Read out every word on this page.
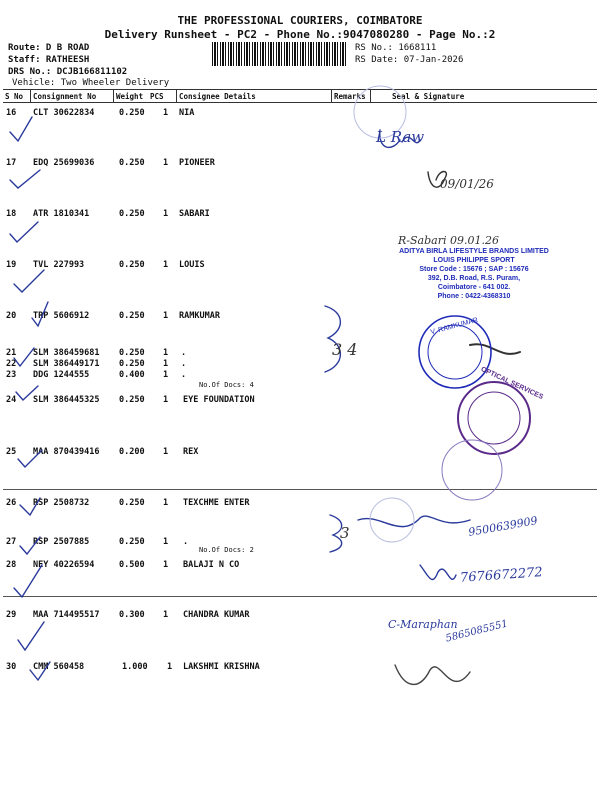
THE PROFESSIONAL COURIERS, COIMBATORE
Delivery Runsheet - PC2 - Phone No.:9047080280 - Page No.:2
Route: D B ROAD
Staff: RATHEESH
DRS No.: DCJB166811102
Vehicle: Two Wheeler Delivery
RS No.: 1668111
RS Date: 07-Jan-2026
S No Consignment No	Weight PCS Consignee Details	Remarks	Seal & Signature
16 CLT 30622834	0.250 1 NIA
17 EDQ 25699036	0.250 1 PIONEER
18 ATR 1810341	0.250 1 SABARI
19 TVL 227993	0.250 1 LOUIS
20 TRP 5606912	0.250 1 RAMKUMAR
21 SLM 386459681 0.250 1 .
22 SLM 386449171 0.250 1 .
23 DDG 1244555	0.400 1 .
No.Of Docs: 4
24 SLM 386445325 0.250 1 EYE FOUNDATION
25 MAA 870439416 0.200 1 REX
26 RSP 2508732	0.250 1 TEXCHME ENTER
27 RSP 2507885	0.250 1 .
No.Of Docs: 2
28 NEY 40226594	0.500 1 BALAJI N CO
29 MAA 714495517 0.300 1 CHANDRA KUMAR
30 CMM 560458	1.000 1 LAKSHMI KRISHNA
ADITYA BIRLA LIFESTYLE BRANDS LIMITED
LOUIS PHILIPPE SPORT
Store Code : 15676 ; SAP : 15676
392, D.B. Road, R.S. Puram,
Coimbatore - 641 002.
Phone : 0422-4368310
V. RAMKUMAR
OPTICAL SERVICES
L Raw
09/01/26
R-Sabari 09.01.26
3 4
3	9500639909
7676672272
C-Maraphan
5865085551
